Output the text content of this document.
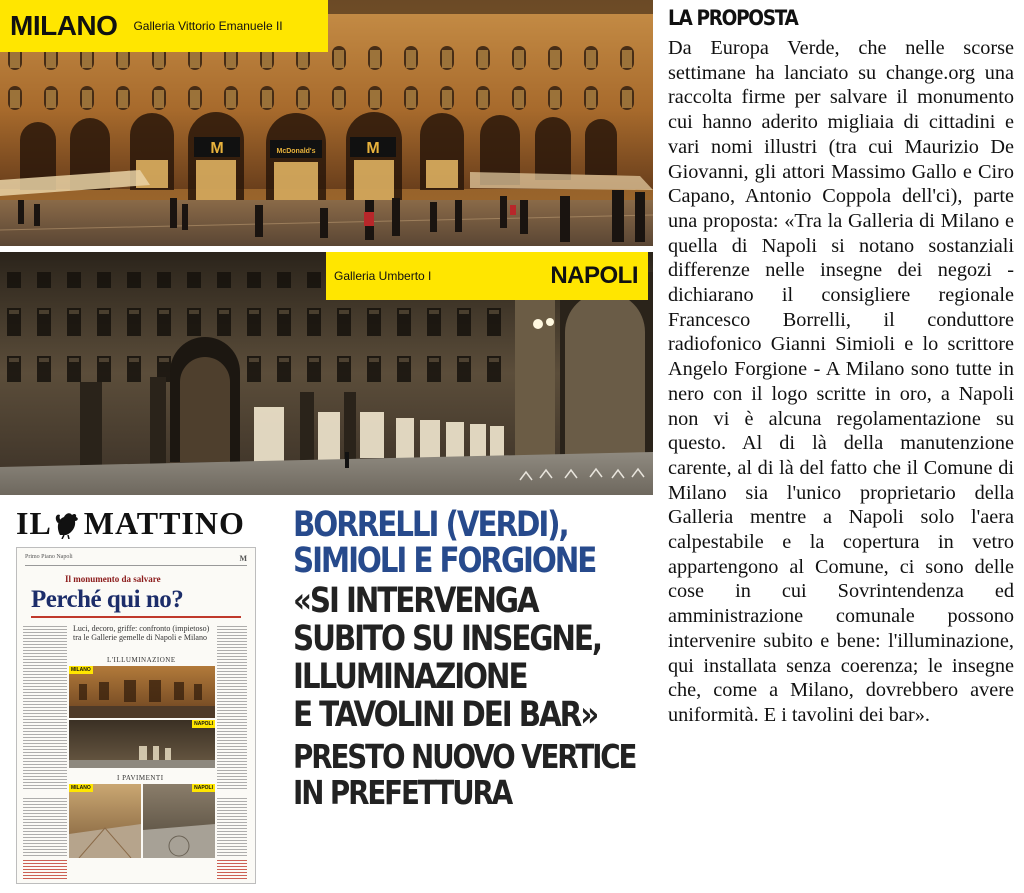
M	McDonald's	M
MILANO Galleria Vittorio Emanuele II
Galleria Umberto I	NAPOLI
IL MATTINO
Primo Piano Napoli	M
Il monumento da salvare
Perché qui no?
Luci, decoro, griffe: confronto (impietoso) tra le Gallerie gemelle di Napoli e Milano
L'ILLUMINAZIONE
MILANO
NAPOLI
I PAVIMENTI
MILANO	NAPOLI
BORRELLI (VERDI),
SIMIOLI E FORGIONE
«SI INTERVENGA
SUBITO SU INSEGNE,
ILLUMINAZIONE
E TAVOLINI DEI BAR»
PRESTO NUOVO VERTICE
IN PREFETTURA
LA PROPOSTA

Da Europa Verde, che nelle scorse settimane ha lanciato su change.org una raccolta firme per salvare il monumento cui hanno aderito migliaia di cittadini e vari nomi illustri (tra cui Maurizio De Giovanni, gli attori Massimo Gallo e Ciro Capano, Antonio Coppola dell'ci), parte una proposta: «Tra la Galleria di Milano e quella di Napoli si notano sostanziali differenze nelle insegne dei negozi - dichiarano il consigliere regionale Francesco Borrelli, il conduttore radiofonico Gianni Simioli e lo scrittore Angelo Forgione - A Milano sono tutte in nero con il logo scritte in oro, a Napoli non vi è alcuna regolamentazione su questo. Al di là della manutenzione carente, al di là del fatto che il Comune di Milano sia l'unico proprietario della Galleria mentre a Napoli solo l'aera calpestabile e la copertura in vetro appartengono al Comune, ci sono delle cose in cui Sovrintendenza ed amministrazione comunale possono intervenire subito e bene: l'illuminazione, qui installata senza coerenza; le insegne che, come a Milano, dovrebbero avere uniformità. E i tavolini dei bar».
